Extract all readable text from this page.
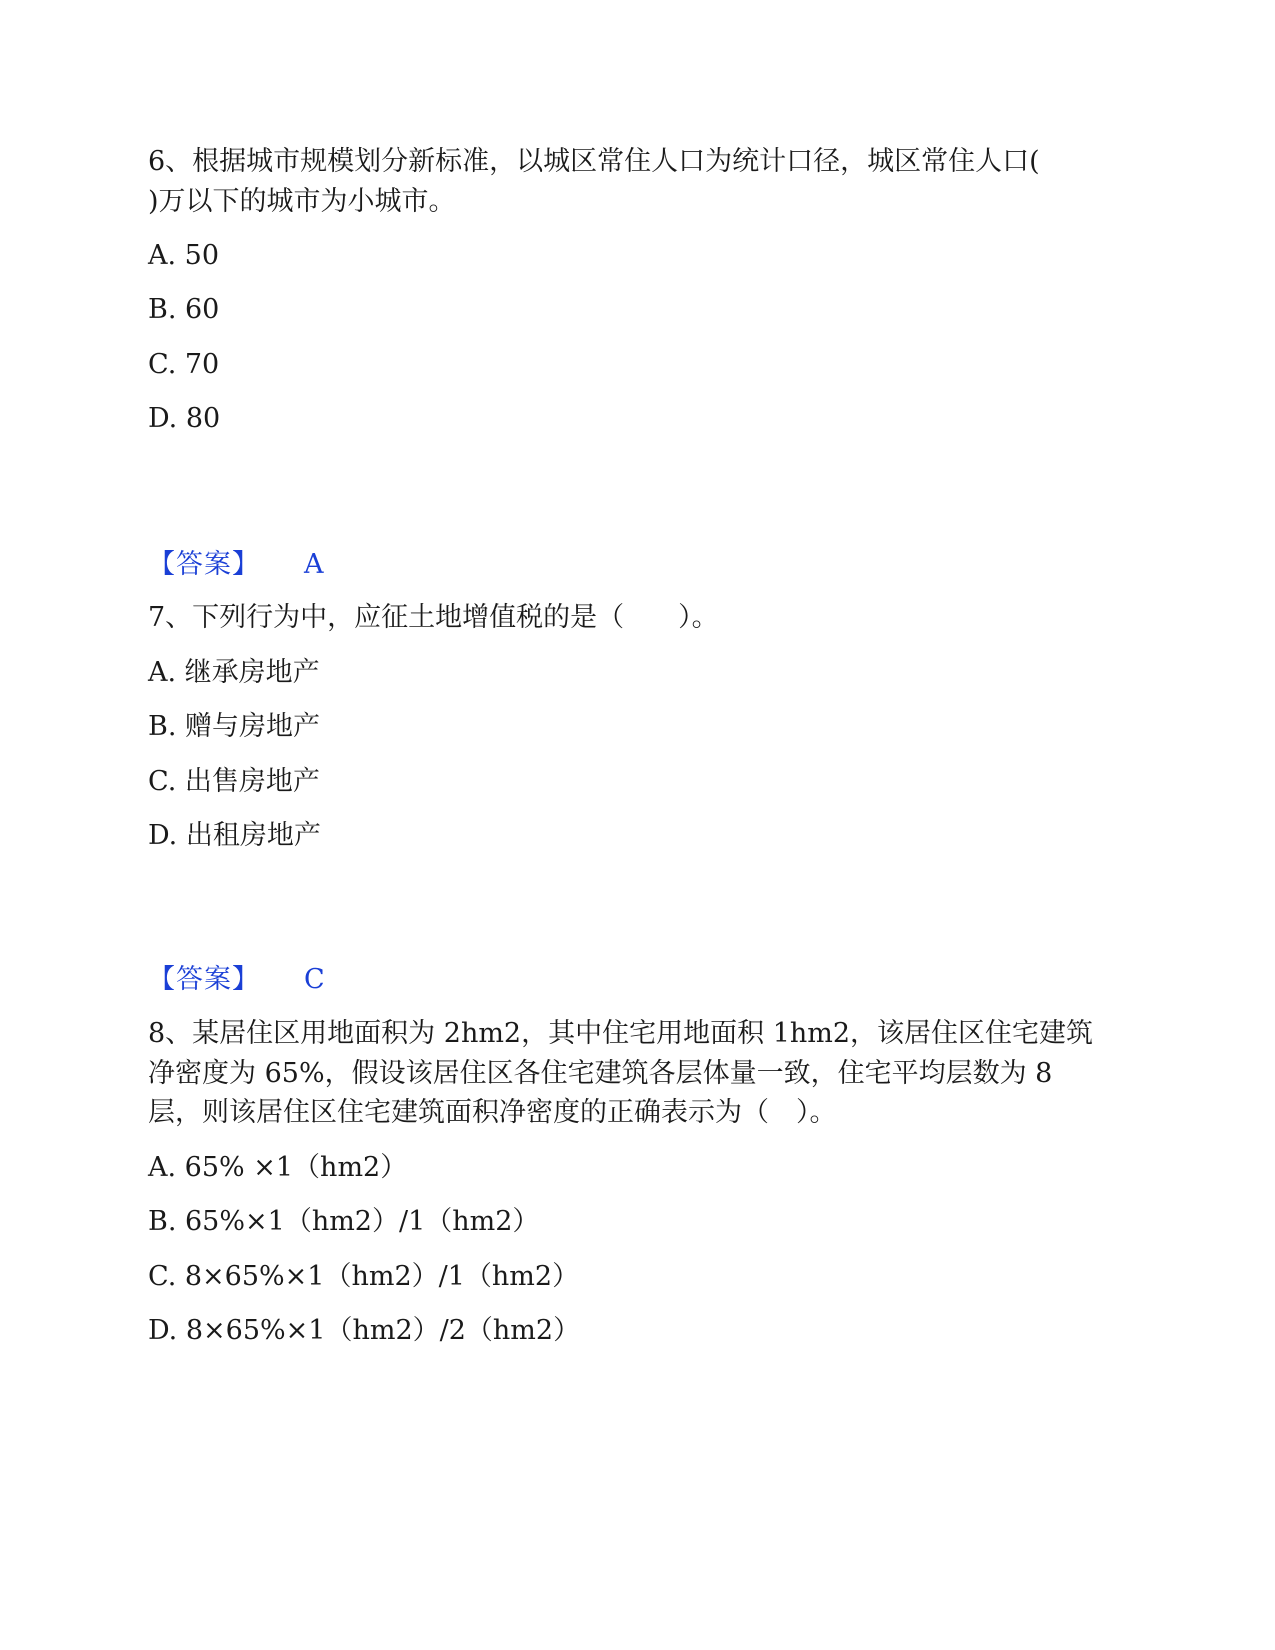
6、根据城市规模划分新标准，以城区常住人口为统计口径，城区常住人口(
)万以下的城市为小城市。
A. 50
B. 60
C. 70
D. 80
【答案】 A
7、下列行为中，应征土地增值税的是（　　）。
A. 继承房地产
B. 赠与房地产
C. 出售房地产
D. 出租房地产
【答案】 C
8、某居住区用地面积为 2hm2，其中住宅用地面积 1hm2，该居住区住宅建筑
净密度为 65%，假设该居住区各住宅建筑各层体量一致，住宅平均层数为 8
层，则该居住区住宅建筑面积净密度的正确表示为（　）。
A. 65% ×1（hm2）
B. 65%×1（hm2）/1（hm2）
C. 8×65%×1（hm2）/1（hm2）
D. 8×65%×1（hm2）/2（hm2）
